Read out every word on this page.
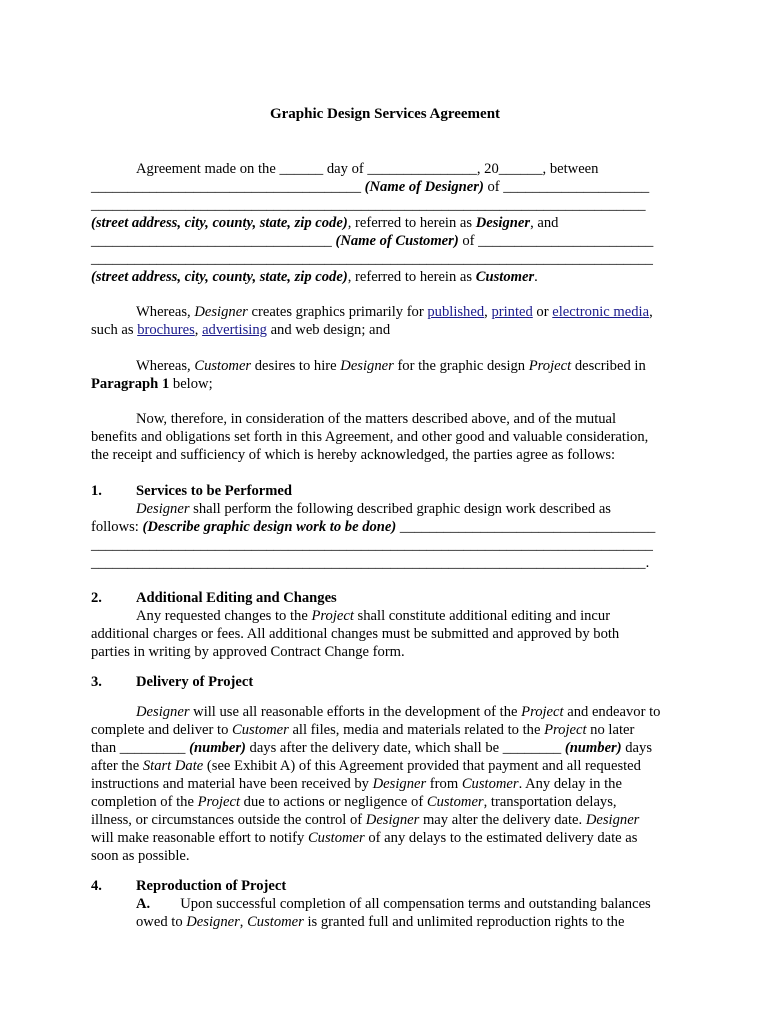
Graphic Design Services Agreement
Agreement made on the ______ day of _______________, 20______, between
_____________________________________ (Name of Designer) of ____________________
____________________________________________________________________________
(street address, city, county, state, zip code), referred to herein as Designer, and
_________________________________ (Name of Customer) of ________________________
_____________________________________________________________________________
(street address, city, county, state, zip code), referred to herein as Customer.
Whereas, Designer creates graphics primarily for published, printed or electronic media,
such as brochures, advertising and web design; and
Whereas, Customer desires to hire Designer for the graphic design Project described in
Paragraph 1 below;
Now, therefore, in consideration of the matters described above, and of the mutual
benefits and obligations set forth in this Agreement, and other good and valuable consideration,
the receipt and sufficiency of which is hereby acknowledged, the parties agree as follows:
1. Services to be Performed
Designer shall perform the following described graphic design work described as
follows: (Describe graphic design work to be done) ___________________________________
_____________________________________________________________________________
____________________________________________________________________________.
2. Additional Editing and Changes
Any requested changes to the Project shall constitute additional editing and incur
additional charges or fees. All additional changes must be submitted and approved by both
parties in writing by approved Contract Change form.
3. Delivery of Project
Designer will use all reasonable efforts in the development of the Project and endeavor to
complete and deliver to Customer all files, media and materials related to the Project no later
than _________ (number) days after the delivery date, which shall be ________ (number) days
after the Start Date (see Exhibit A) of this Agreement provided that payment and all requested
instructions and material have been received by Designer from Customer. Any delay in the
completion of the Project due to actions or negligence of Customer, transportation delays,
illness, or circumstances outside the control of Designer may alter the delivery date. Designer
will make reasonable effort to notify Customer of any delays to the estimated delivery date as
soon as possible.
4. Reproduction of Project
A. Upon successful completion of all compensation terms and outstanding balances
owed to Designer, Customer is granted full and unlimited reproduction rights to the
